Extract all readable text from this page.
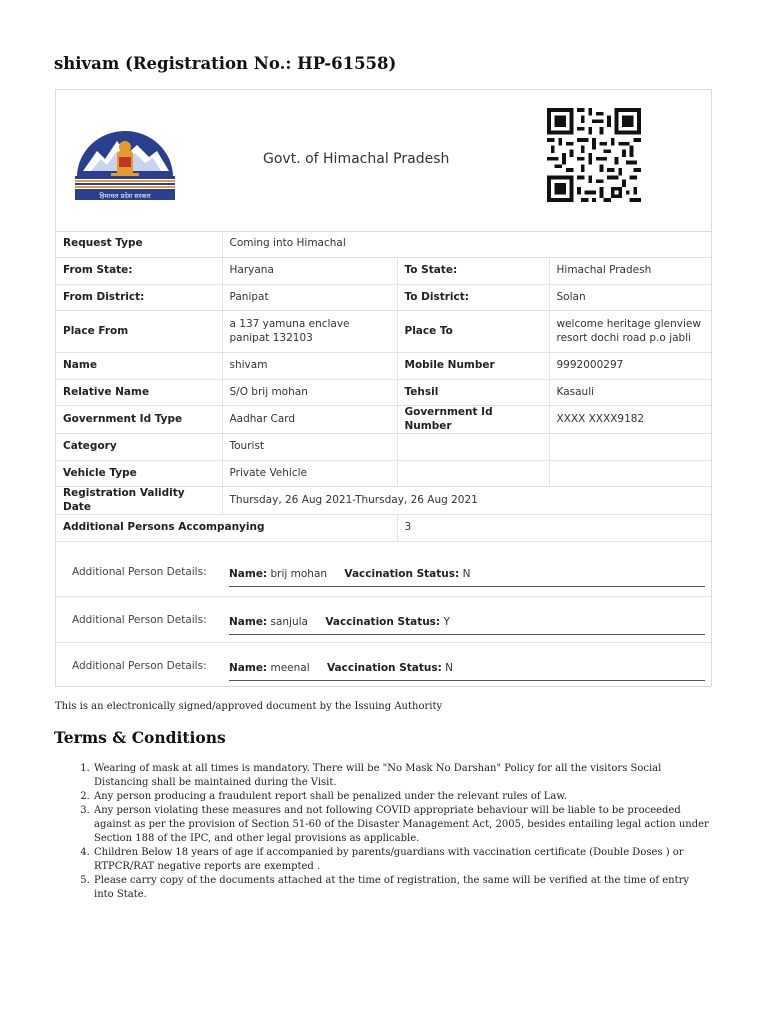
shivam (Registration No.: HP-61558)
हिमाचल प्रदेश सरकार
Govt. of Himachal Pradesh
Request Type	Coming into Himachal		
From State:	Haryana	To State:	Himachal Pradesh
From District:	Panipat	To District:	Solan
Place From	a 137 yamuna enclave panipat 132103	Place To	welcome heritage glenview resort dochi road p.o jabli
Name	shivam	Mobile Number	9992000297
Relative Name	S/O brij mohan	Tehsil	Kasauli
Government Id Type	Aadhar Card	Government Id Number	XXXX XXXX9182
Category	Tourist		
Vehicle Type	Private Vehicle		
Registration Validity Date	Thursday, 26 Aug 2021-Thursday, 26 Aug 2021		
Additional Persons Accompanying		3	
Additional Person Details: Name: brij mohan Vaccination Status: N
Additional Person Details: Name: sanjula Vaccination Status: Y
Additional Person Details: Name: meenal Vaccination Status: N
This is an electronically signed/approved document by the Issuing Authority
Terms & Conditions
1. Wearing of mask at all times is mandatory. There will be "No Mask No Darshan" Policy for all the visitors Social Distancing shall be maintained during the Visit.
2. Any person producing a fraudulent report shall be penalized under the relevant rules of Law.
3. Any person violating these measures and not following COVID appropriate behaviour will be liable to be proceeded against as per the provision of Section 51-60 of the Disaster Management Act, 2005, besides entailing legal action under Section 188 of the IPC, and other legal provisions as applicable.
4. Children Below 18 years of age if accompanied by parents/guardians with vaccination certificate (Double Doses ) or RTPCR/RAT negative reports are exempted .
5. Please carry copy of the documents attached at the time of registration, the same will be verified at the time of entry into State.
